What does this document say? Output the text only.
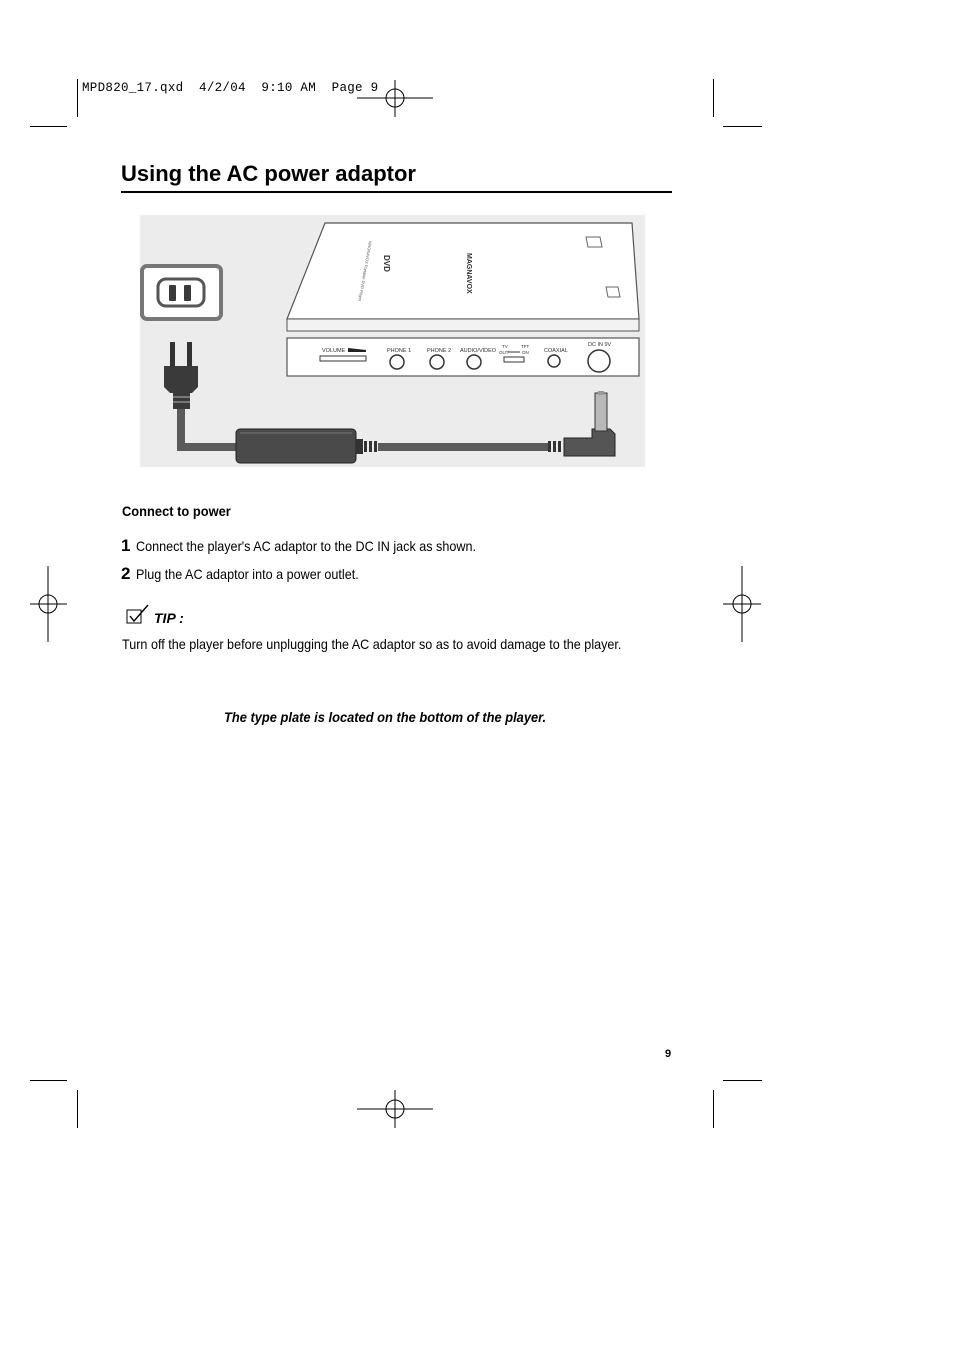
MPD820_17.qxd  4/2/04  9:10 AM  Page 9
Using the AC power adaptor
MAGNAVOX
DVD
MAGNAVOX Portable DVD Player
VOLUME	PHONE 1	PHONE 2 AUDIO/VIDEO
TV
OUT
TFT
ON	COAXIAL
DC IN 9V
Connect to power
1 Connect the player's AC adaptor to the DC IN jack as shown.
2 Plug the AC adaptor into a power outlet.
TIP :
Turn off the player before unplugging the AC adaptor so as to avoid damage to the player.
The type plate is located on the bottom of the player.
9
